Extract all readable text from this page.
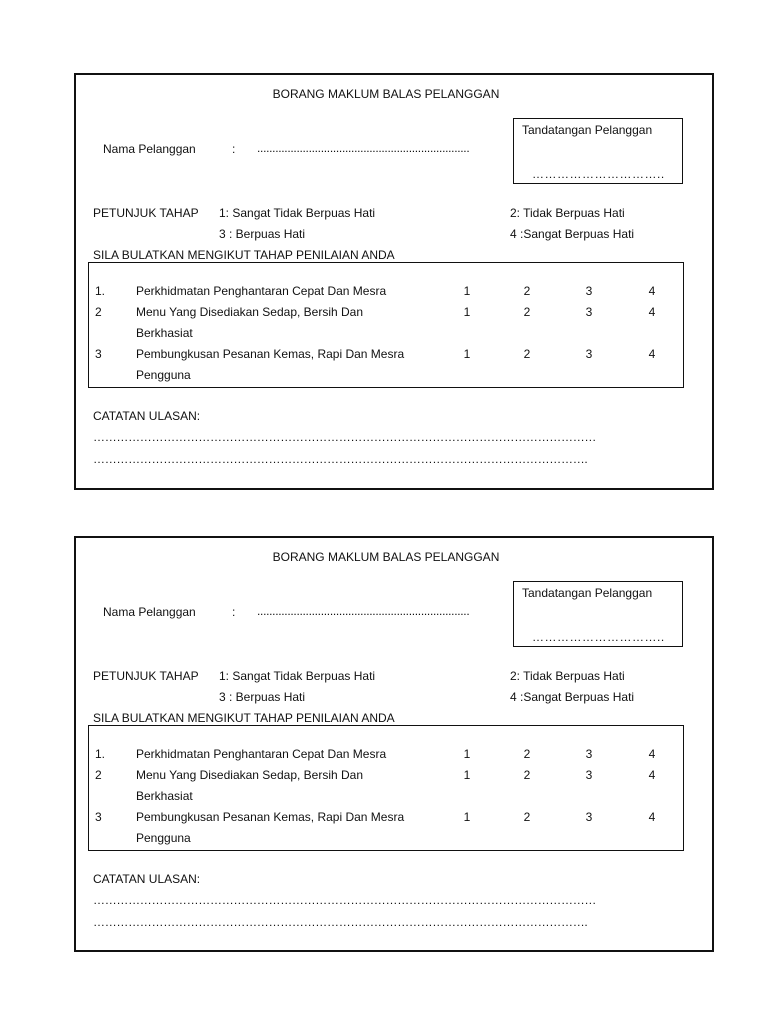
BORANG MAKLUM BALAS PELANGGAN
Tandatangan Pelanggan
…………………………..
Nama Pelanggan	: ......................................................................
PETUNJUK TAHAP 1: Sangat Tidak Berpuas Hati	2: Tidak Berpuas Hati
3 : Berpuas Hati	4 :Sangat Berpuas Hati
SILA BULATKAN MENGIKUT TAHAP PENILAIAN ANDA
1.	Perkhidmatan Penghantaran Cepat Dan Mesra	1	2	3	4
2	Menu Yang Disediakan Sedap, Bersih Dan
Berkhasiat
1	2	3	4
3	Pembungkusan Pesanan Kemas, Rapi Dan Mesra
Pengguna
1	2	3	4
CATATAN ULASAN:
…………………………………………………………………………………………………………………
……………………………………………………………………………………………………………….
BORANG MAKLUM BALAS PELANGGAN
Tandatangan Pelanggan
…………………………..
Nama Pelanggan	: ......................................................................
PETUNJUK TAHAP 1: Sangat Tidak Berpuas Hati	2: Tidak Berpuas Hati
3 : Berpuas Hati	4 :Sangat Berpuas Hati
SILA BULATKAN MENGIKUT TAHAP PENILAIAN ANDA
1.	Perkhidmatan Penghantaran Cepat Dan Mesra	1	2	3	4
2	Menu Yang Disediakan Sedap, Bersih Dan
Berkhasiat
1	2	3	4
3	Pembungkusan Pesanan Kemas, Rapi Dan Mesra
Pengguna
1	2	3	4
CATATAN ULASAN:
…………………………………………………………………………………………………………………
……………………………………………………………………………………………………………….
